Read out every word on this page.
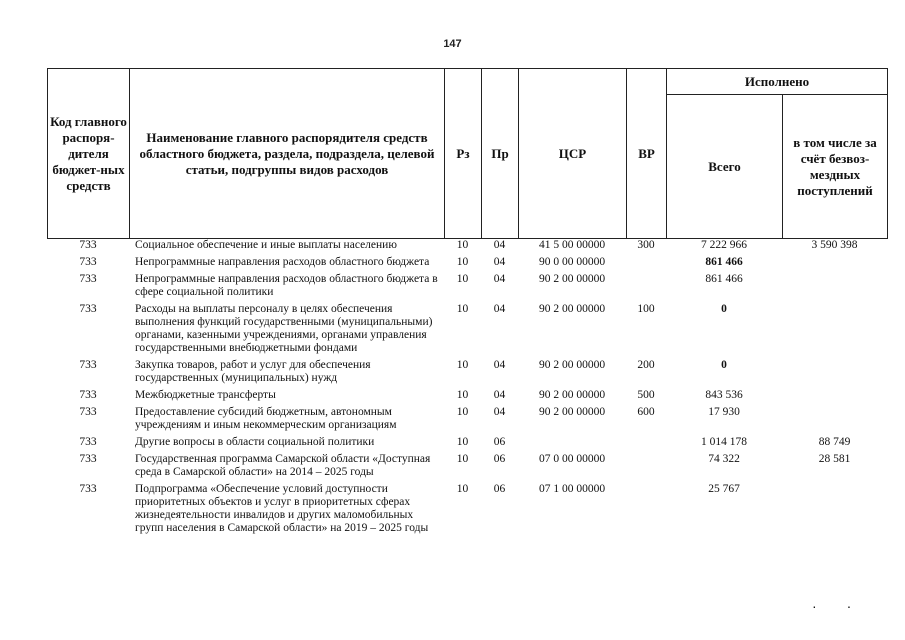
147
Код главного распоря-дителя бюджет-ных средств	Наименование главного распорядителя средств областного бюджета, раздела, подраздела, целевой статьи, подгруппы видов расходов	Рз	Пр	ЦСР	ВР	Исполнено	
						Всего	в том числе за счёт безвоз-мездных поступлений
733	Социальное обеспечение и иные выплаты населению	10	04	41 5 00 00000	300	7 222 966	3 590 398
733	Непрограммные направления расходов областного бюджета	10	04	90 0 00 00000		861 466	
733	Непрограммные направления расходов областного бюджета в сфере социальной политики	10	04	90 2 00 00000		861 466	
733	Расходы на выплаты персоналу в целях обеспечения выполнения функций государственными (муниципальными) органами, казенными учреждениями, органами управления государственными внебюджетными фондами	10	04	90 2 00 00000	100	0	
733	Закупка товаров, работ и услуг для обеспечения государственных (муниципальных) нужд	10	04	90 2 00 00000	200	0	
733	Межбюджетные трансферты	10	04	90 2 00 00000	500	843 536	
733	Предоставление субсидий бюджетным, автономным учреждениям и иным некоммерческим организациям	10	04	90 2 00 00000	600	17 930	
733	Другие вопросы в области социальной политики	10	06			1 014 178	88 749
733	Государственная программа Самарской области «Доступная среда в Самарской области» на 2014 – 2025 годы	10	06	07 0 00 00000		74 322	28 581
733	Подпрограмма «Обеспечение условий доступности приоритетных объектов и услуг в приоритетных сферах жизнедеятельности инвалидов и других маломобильных групп населения в Самарской области» на 2019 – 2025 годы	10	06	07 1 00 00000		25 767	
··
